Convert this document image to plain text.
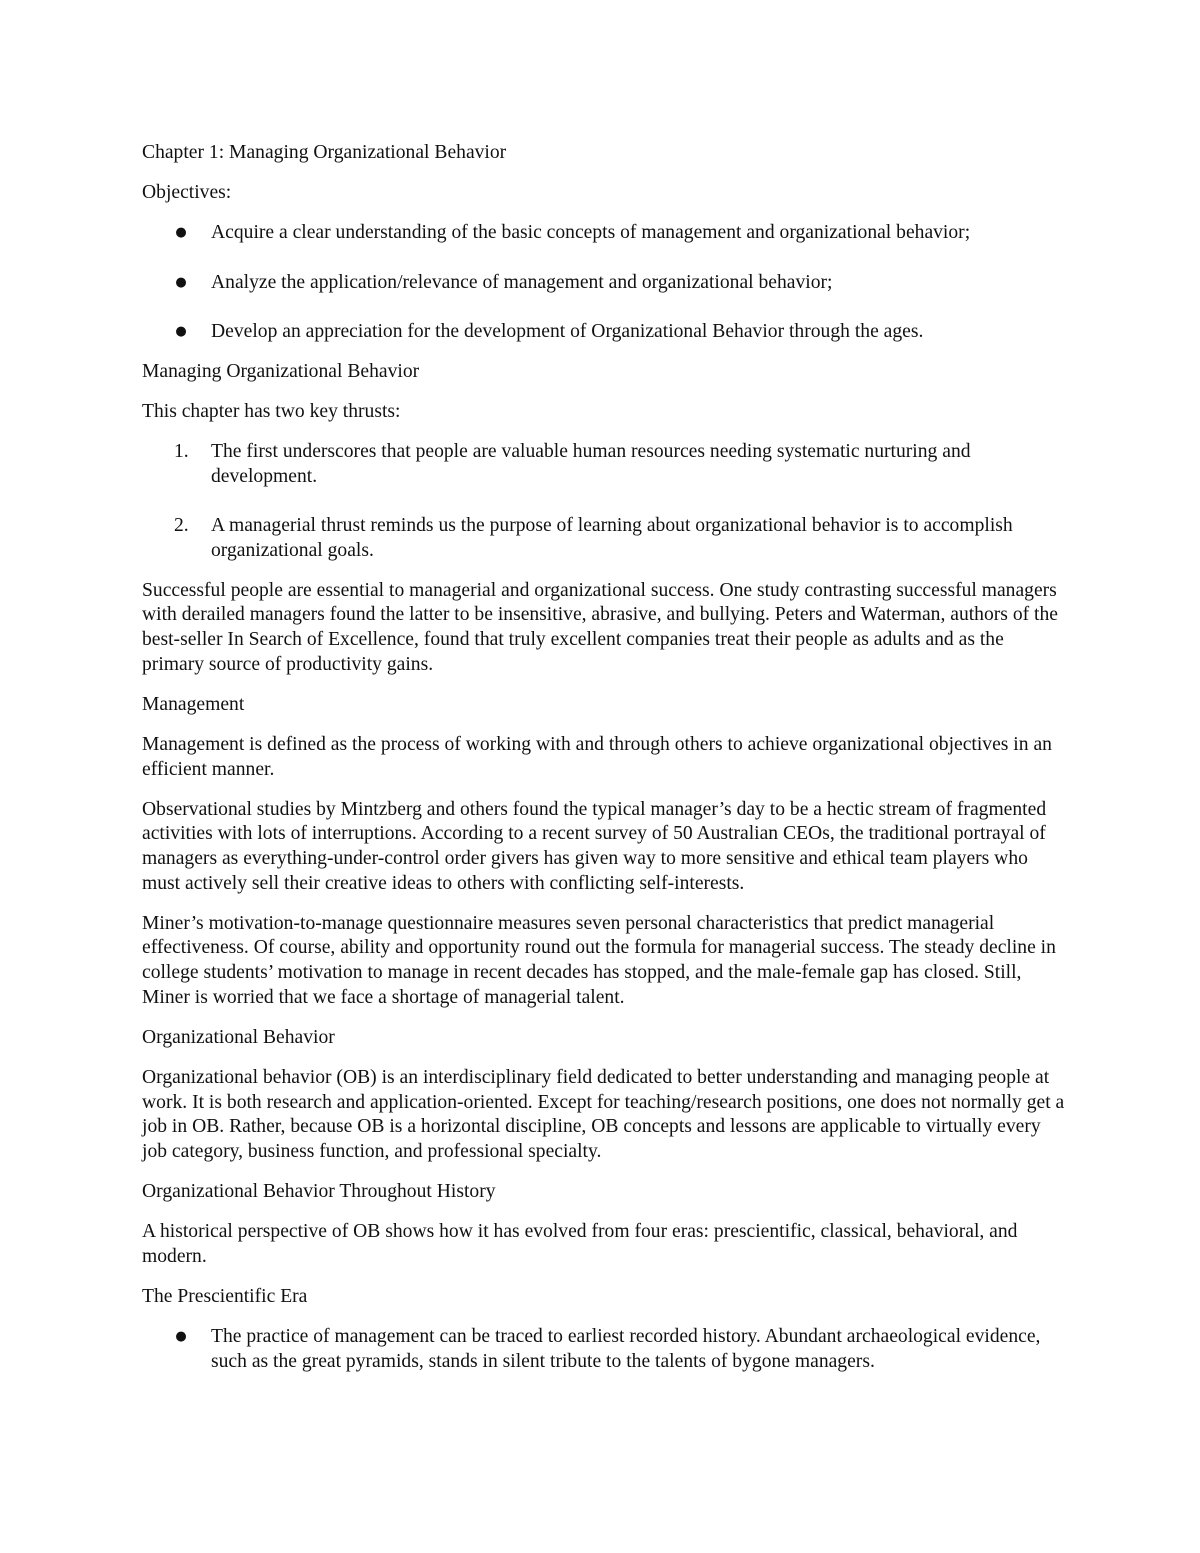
Chapter 1: Managing Organizational Behavior

Objectives:

● Acquire a clear understanding of the basic concepts of management and organizational behavior;
● Analyze the application/relevance of management and organizational behavior;
● Develop an appreciation for the development of Organizational Behavior through the ages.

Managing Organizational Behavior

This chapter has two key thrusts:

1. The first underscores that people are valuable human resources needing systematic nurturing and development.
2. A managerial thrust reminds us the purpose of learning about organizational behavior is to accomplish organizational goals.

Successful people are essential to managerial and organizational success. One study contrasting successful managers with derailed managers found the latter to be insensitive, abrasive, and bullying. Peters and Waterman, authors of the best-seller In Search of Excellence, found that truly excellent companies treat their people as adults and as the primary source of productivity gains.

Management

Management is defined as the process of working with and through others to achieve organizational objectives in an efficient manner.

Observational studies by Mintzberg and others found the typical manager’s day to be a hectic stream of fragmented activities with lots of interruptions. According to a recent survey of 50 Australian CEOs, the traditional portrayal of managers as everything-under-control order givers has given way to more sensitive and ethical team players who must actively sell their creative ideas to others with conflicting self-interests.

Miner’s motivation-to-manage questionnaire measures seven personal characteristics that predict managerial effectiveness. Of course, ability and opportunity round out the formula for managerial success. The steady decline in college students’ motivation to manage in recent decades has stopped, and the male-female gap has closed. Still, Miner is worried that we face a shortage of managerial talent.

Organizational Behavior

Organizational behavior (OB) is an interdisciplinary field dedicated to better understanding and managing people at work. It is both research and application-oriented. Except for teaching/research positions, one does not normally get a job in OB. Rather, because OB is a horizontal discipline, OB concepts and lessons are applicable to virtually every job category, business function, and professional specialty.

Organizational Behavior Throughout History

A historical perspective of OB shows how it has evolved from four eras: prescientific, classical, behavioral, and modern.

The Prescientific Era

● The practice of management can be traced to earliest recorded history. Abundant archaeological evidence, such as the great pyramids, stands in silent tribute to the talents of bygone managers.
